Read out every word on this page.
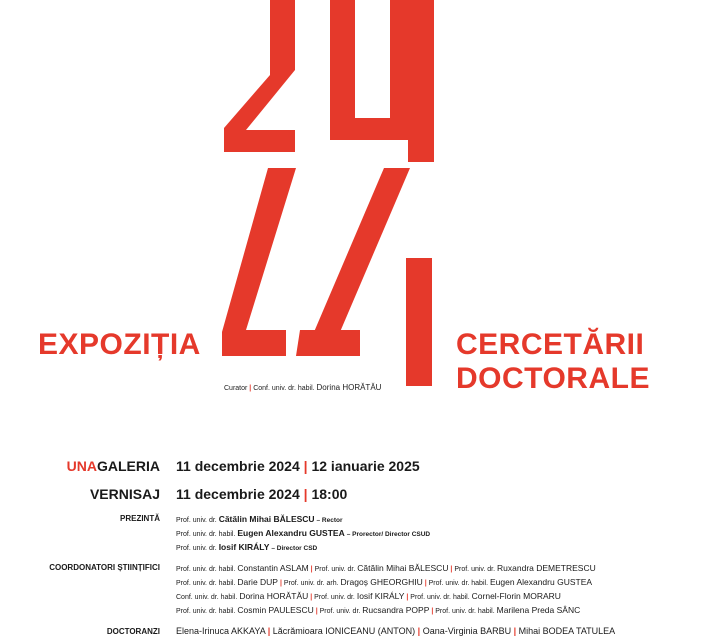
EXPOZIȚIA	CERCETĂRII
DOCTORALE
Curator | Conf. univ. dr. habil. Dorina HORĂTĂU
UNAGALERIA 11 decembrie 2024 | 12 ianuarie 2025
VERNISAJ 11 decembrie 2024 | 18:00
PREZINTĂ Prof. univ. dr. Cătălin Mihai BĂLESCU – Rector
Prof. univ. dr. habil. Eugen Alexandru GUSTEA – Prorector/ Director CSUD
Prof. univ. dr. Iosif KIRÁLY – Director CSD
COORDONATORI ȘTIINȚIFICI Prof. univ. dr. habil. Constantin ASLAM | Prof. univ. dr. Cătălin Mihai BĂLESCU | Prof. univ. dr. Ruxandra DEMETRESCU
Prof. univ. dr. habil. Darie DUP | Prof. univ. dr. arh. Dragoș GHEORGHIU | Prof. univ. dr. habil. Eugen Alexandru GUSTEA
Conf. univ. dr. habil. Dorina HORĂTĂU | Prof. univ. dr. Iosif KIRÁLY | Prof. univ. dr. habil. Cornel-Florin MORARU
Prof. univ. dr. habil. Cosmin PAULESCU | Prof. univ. dr. Rucsandra POPP | Prof. univ. dr. habil. Marilena Preda SÂNC
DOCTORANZI Elena-Irinuca AKKAYA | Lăcrămioara IONICEANU (ANTON) | Oana-Virginia BARBU | Mihai BODEA TATULEA
